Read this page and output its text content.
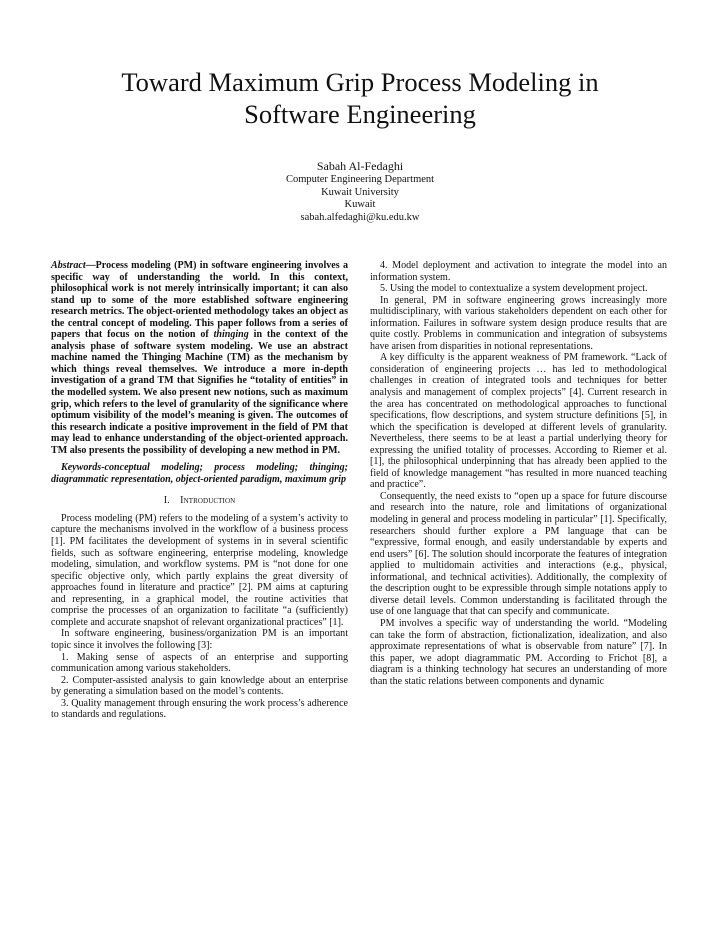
Toward Maximum Grip Process Modeling in
Software Engineering
Sabah Al-Fedaghi
Computer Engineering Department
Kuwait University
Kuwait
sabah.alfedaghi@ku.edu.kw

Abstract—Process modeling (PM) in software engineering involves a specific way of understanding the world. In this context, philosophical work is not merely intrinsically important; it can also stand up to some of the more established software engineering research metrics. The object-oriented methodology takes an object as the central concept of modeling. This paper follows from a series of papers that focus on the notion of thinging in the context of the analysis phase of software system modeling. We use an abstract machine named the Thinging Machine (TM) as the mechanism by which things reveal themselves. We introduce a more in-depth investigation of a grand TM that Signifies he “totality of entities” in the modelled system. We also present new notions, such as maximum grip, which refers to the level of granularity of the significance where optimum visibility of the model’s meaning is given. The outcomes of this research indicate a positive improvement in the field of PM that may lead to enhance understanding of the object-oriented approach. TM also presents the possibility of developing a new method in PM.

Keywords-conceptual modeling; process modeling; thinging; diagrammatic representation, object-oriented paradigm, maximum grip

I. Introduction

Process modeling (PM) refers to the modeling of a system’s activity to capture the mechanisms involved in the workflow of a business process [1]. PM facilitates the development of systems in in several scientific fields, such as software engineering, enterprise modeling, knowledge modeling, simulation, and workflow systems. PM is “not done for one specific objective only, which partly explains the great diversity of approaches found in literature and practice” [2]. PM aims at capturing and representing, in a graphical model, the routine activities that comprise the processes of an organization to facilitate “a (sufficiently) complete and accurate snapshot of relevant organizational practices” [1].

In software engineering, business/organization PM is an important topic since it involves the following [3]:

1. Making sense of aspects of an enterprise and supporting communication among various stakeholders.

2. Computer-assisted analysis to gain knowledge about an enterprise by generating a simulation based on the model’s contents.

3. Quality management through ensuring the work process’s adherence to standards and regulations.

4. Model deployment and activation to integrate the model into an information system.

5. Using the model to contextualize a system development project.

In general, PM in software engineering grows increasingly more multidisciplinary, with various stakeholders dependent on each other for information. Failures in software system design produce results that are quite costly. Problems in communication and integration of subsystems have arisen from disparities in notional representations.

A key difficulty is the apparent weakness of PM framework. “Lack of consideration of engineering projects … has led to methodological challenges in creation of integrated tools and techniques for better analysis and management of complex projects” [4]. Current research in the area has concentrated on methodological approaches to functional specifications, flow descriptions, and system structure definitions [5], in which the specification is developed at different levels of granularity. Nevertheless, there seems to be at least a partial underlying theory for expressing the unified totality of processes. According to Riemer et al. [1], the philosophical underpinning that has already been applied to the field of knowledge management “has resulted in more nuanced teaching and practice”.

Consequently, the need exists to “open up a space for future discourse and research into the nature, role and limitations of organizational modeling in general and process modeling in particular” [1]. Specifically, researchers should further explore a PM language that can be “expressive, formal enough, and easily understandable by experts and end users” [6]. The solution should incorporate the features of integration applied to multidomain activities and interactions (e.g., physical, informational, and technical activities). Additionally, the complexity of the description ought to be expressible through simple notations apply to diverse detail levels. Common understanding is facilitated through the use of one language that that can specify and communicate.

PM involves a specific way of understanding the world. “Modeling can take the form of abstraction, fictionalization, idealization, and also approximate representations of what is observable from nature” [7]. In this paper, we adopt diagrammatic PM. According to Frichot [8], a diagram is a thinking technology hat secures an understanding of more than the static relations between components and dynamic
